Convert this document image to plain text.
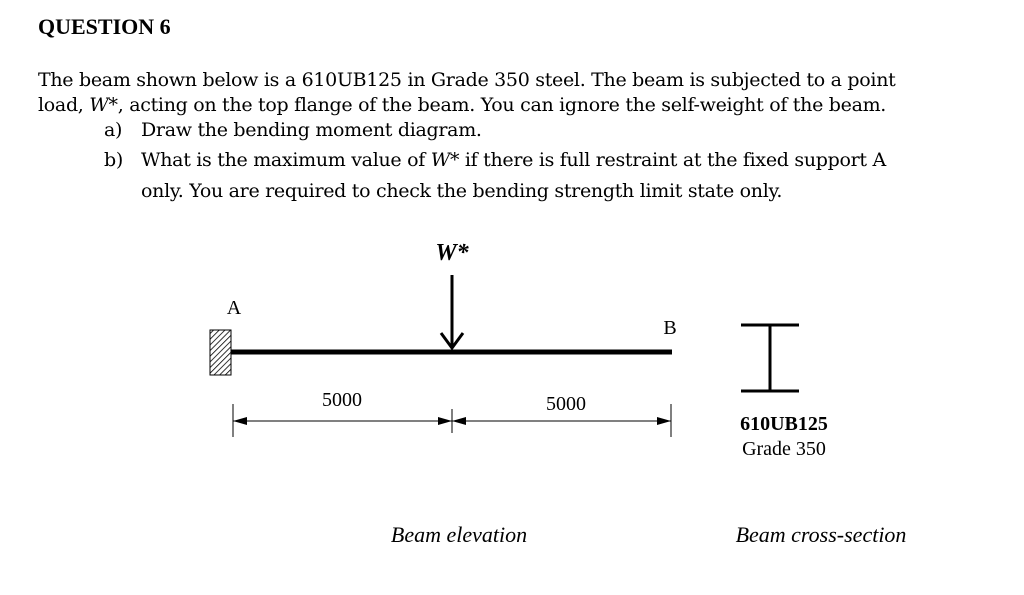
QUESTION 6
The beam shown below is a 610UB125 in Grade 350 steel. The beam is subjected to a point
load, W*, acting on the top flange of the beam. You can ignore the self-weight of the beam.
a) Draw the bending moment diagram.
b) What is the maximum value of W* if there is full restraint at the fixed support A
only. You are required to check the bending strength limit state only.
W*
A
B
5000	5000
610UB125
Grade 350
Beam elevation	Beam cross-section
